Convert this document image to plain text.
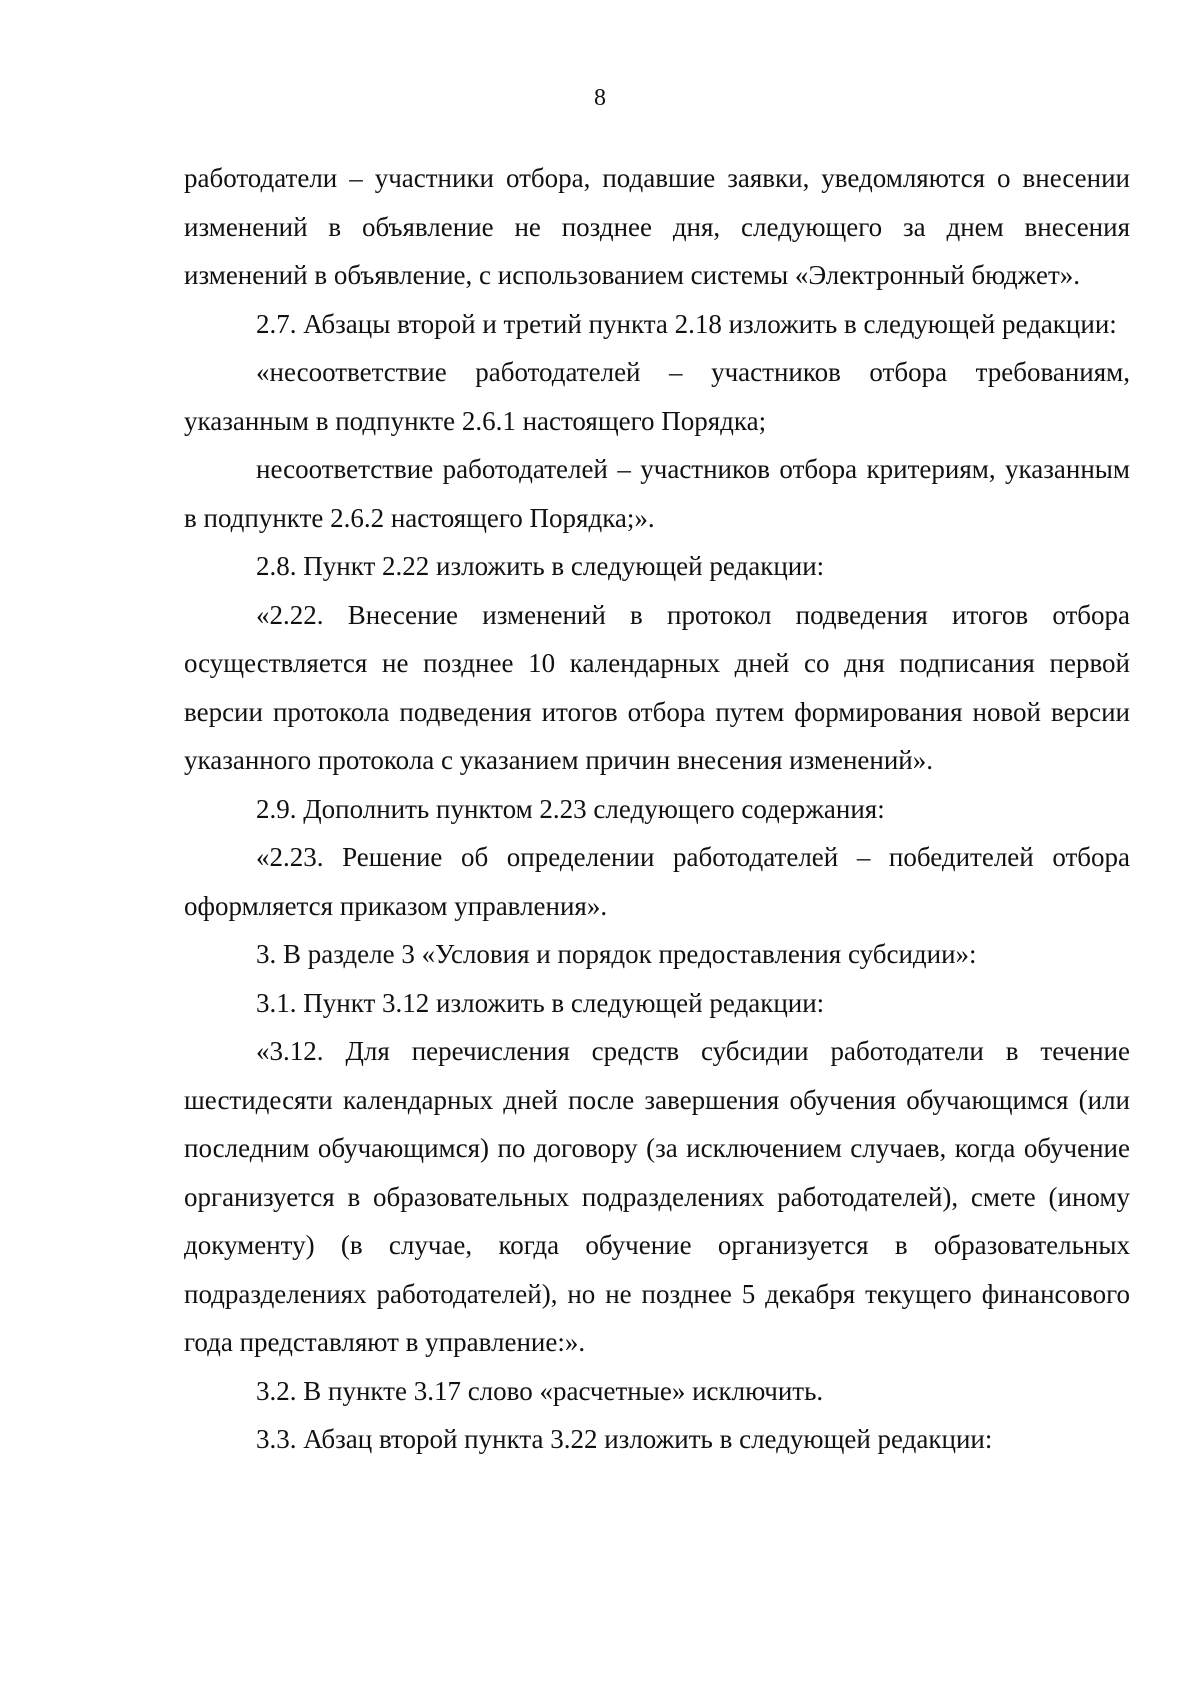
8

работодатели – участники отбора, подавшие заявки, уведомляются о внесении изменений в объявление не позднее дня, следующего за днем внесения изменений в объявление, с использованием системы «Электронный бюджет».

2.7. Абзацы второй и третий пункта 2.18 изложить в следующей редакции:

«несоответствие работодателей – участников отбора требованиям, указанным в подпункте 2.6.1 настоящего Порядка;

несоответствие работодателей – участников отбора критериям, указанным в подпункте 2.6.2 настоящего Порядка;».

2.8. Пункт 2.22 изложить в следующей редакции:

«2.22. Внесение изменений в протокол подведения итогов отбора осуществляется не позднее 10 календарных дней со дня подписания первой версии протокола подведения итогов отбора путем формирования новой версии указанного протокола с указанием причин внесения изменений».

2.9. Дополнить пунктом 2.23 следующего содержания:

«2.23. Решение об определении работодателей – победителей отбора оформляется приказом управления».

3. В разделе 3 «Условия и порядок предоставления субсидии»:

3.1. Пункт 3.12 изложить в следующей редакции:

«3.12. Для перечисления средств субсидии работодатели в течение шестидесяти календарных дней после завершения обучения обучающимся (или последним обучающимся) по договору (за исключением случаев, когда обучение организуется в образовательных подразделениях работодателей), смете (иному документу) (в случае, когда обучение организуется в образовательных подразделениях работодателей), но не позднее 5 декабря текущего финансового года представляют в управление:».

3.2. В пункте 3.17 слово «расчетные» исключить.

3.3. Абзац второй пункта 3.22 изложить в следующей редакции:
